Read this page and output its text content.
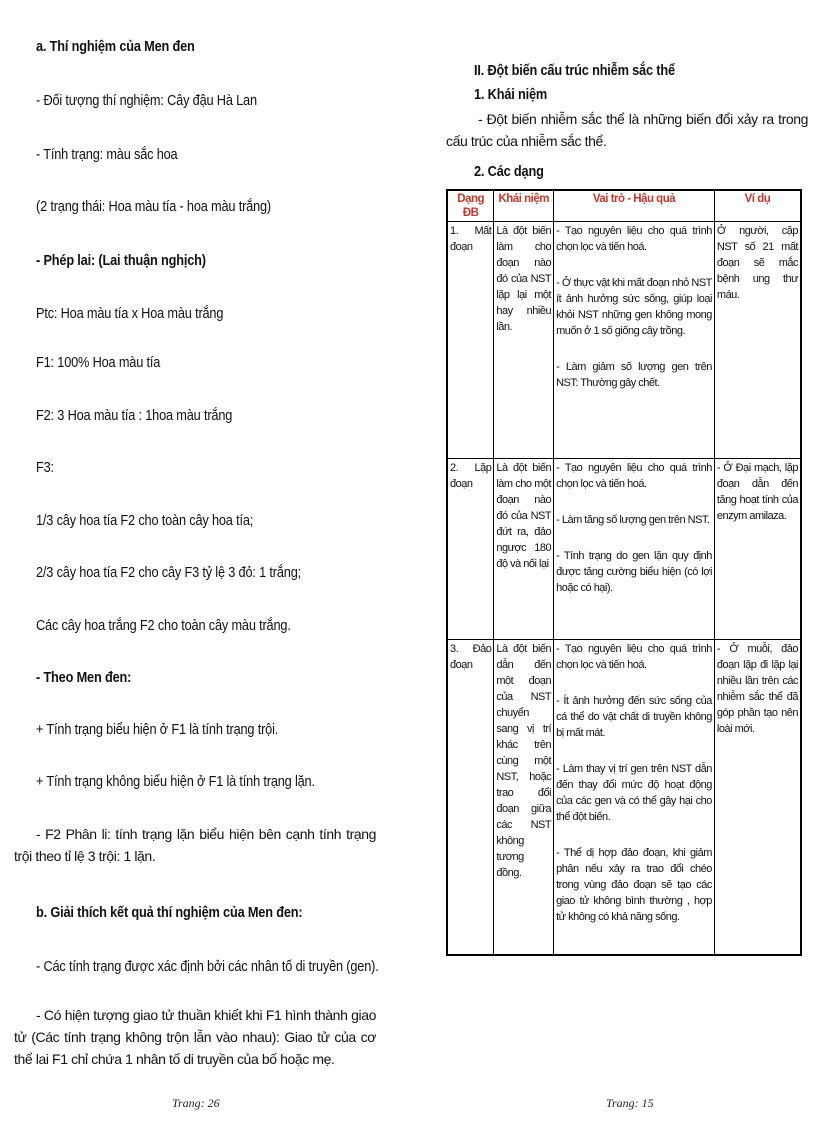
a. Thí nghiệm của Men đen
- Đối tượng thí nghiệm: Cây đậu Hà Lan
- Tính trạng: màu sắc hoa
(2 trạng thái: Hoa màu tía - hoa màu trắng)
- Phép lai: (Lai thuận nghịch)
Ptc: Hoa màu tía x Hoa màu trắng
F1: 100% Hoa màu tía
F2: 3 Hoa màu tía : 1hoa màu trắng
F3:
1/3 cây hoa tía F2 cho toàn cây hoa tía;
2/3 cây hoa tía F2 cho cây F3 tỷ lệ 3 đỏ: 1 trắng;
Các cây hoa trắng F2 cho toàn cây màu trắng.
- Theo Men đen:
+ Tính trạng biểu hiện ở F1 là tính trạng trội.
+ Tính trạng không biểu hiện ở F1 là tính trạng lặn.
- F2 Phân li: tính trạng lặn biểu hiện bên cạnh tính trạng trội theo tỉ lệ 3 trội: 1 lặn.
b. Giải thích kết quả thí nghiệm của Men đen:
- Các tính trạng được xác định bởi các nhân tố di truyền (gen).
- Có hiện tượng giao tử thuần khiết khi F1 hình thành giao tử (Các tính trạng không trộn lẫn vào nhau): Giao tử của cơ thể lai F1 chỉ chứa 1 nhân tố di truyền của bố hoặc mẹ.
Trang: 26
II. Đột biến cấu trúc nhiễm sắc thể
1. Khái niệm
- Đột biến nhiễm sắc thể là những biến đổi xảy ra trong cấu trúc của nhiễm sắc thể.
2. Các dạng
Dạng ĐB	Khái niệm	Vai trò - Hậu quả	Ví dụ
1. Mất đoạn	Là đột biến làm cho đoạn nào đó của NST lặp lại một hay nhiều lần.	- Tạo nguyên liệu cho quá trình chọn lọc và tiến hoá.
- Ở thực vật khi mất đoạn nhỏ NST ít ảnh hưởng sức sống, giúp loại khỏi NST những gen không mong muốn ở 1 số giống cây trồng.
- Làm giảm số lượng gen trên NST: Thường gây chết.	Ở người, cặp NST số 21 mất đoạn sẽ mắc bệnh ung thư máu.
2. Lặp đoạn	Là đột biến làm cho một đoạn nào đó của NST đứt ra, đảo ngược 180 độ và nối lại	- Tạo nguyên liệu cho quá trình chọn lọc và tiến hoá.
- Làm tăng số lượng gen trên NST.
- Tính trạng do gen lặn quy định được tăng cường biểu hiện (có lợi hoặc có hại).	- Ở Đại mạch, lặp đoạn dẫn đến tăng hoạt tính của enzym amilaza.
3. Đảo đoạn	Là đột biến dẫn đến một đoạn của NST chuyển sang vị trí khác trên cùng một NST, hoặc trao đổi đoạn giữa các NST không tương đồng.	- Tạo nguyên liệu cho quá trình chọn lọc và tiến hoá.
- Ít ảnh hưởng đến sức sống của cá thể do vật chất di truyền không bị mất mát.
- Làm thay vị trí gen trên NST dẫn đến thay đổi mức độ hoạt động của các gen và có thể gây hại cho thể đột biến.
- Thể dị hợp đảo đoạn, khi giảm phân nếu xảy ra trao đổi chéo trong vùng đảo đoạn sẽ tạo các giao tử không bình thường , hợp tử không có khả năng sống.	- Ở muỗi, đảo đoạn lặp đi lặp lại nhiều lần trên các nhiễm sắc thể đã góp phần tạo nên loài mới.
Trang: 15
